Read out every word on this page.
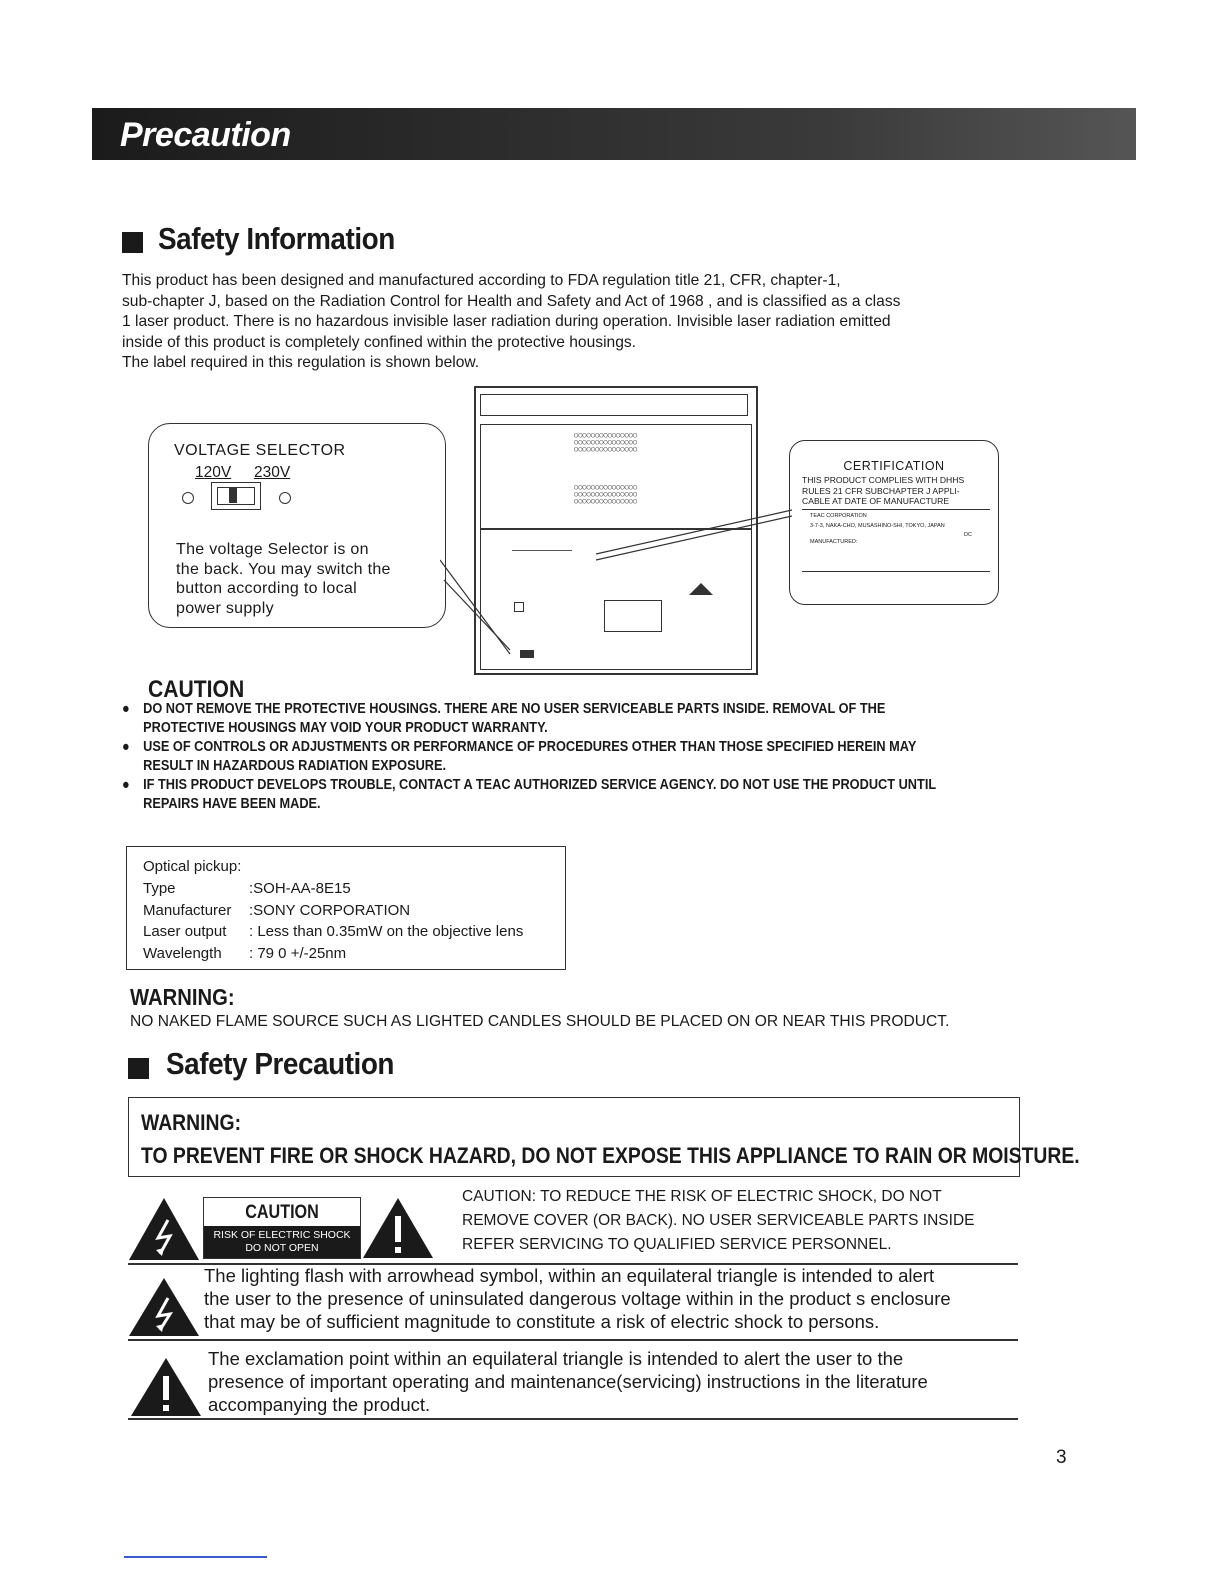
Precaution
Safety Information
This product has been designed and manufactured according to FDA regulation title 21, CFR, chapter-1,
sub-chapter J, based on the Radiation Control for Health and Safety and Act of 1968 , and is classified as a class
1 laser product. There is no hazardous invisible laser radiation during operation. Invisible laser radiation emitted
inside of this product is completely confined within the protective housings.
The label required in this regulation is shown below.
VOLTAGE SELECTOR
120V 230V
The voltage Selector is on
the back. You may switch the
button according to local
power supply
○○○○○○○○○○○○○○○
○○○○○○○○○○○○○○○
○○○○○○○○○○○○○○○
○○○○○○○○○○○○○○○
○○○○○○○○○○○○○○○
○○○○○○○○○○○○○○○
CERTIFICATION
THIS PRODUCT COMPLIES WITH DHHS
RULES 21 CFR SUBCHAPTER J APPLI-
CABLE AT DATE OF MANUFACTURE
TEAC CORPORATION
3-7-3, NAKA-CHO, MUSASHINO-SHI, TOKYO, JAPAN
DC
MANUFACTURED:
CAUTION
● DO NOT REMOVE THE PROTECTIVE HOUSINGS. THERE ARE NO USER SERVICEABLE PARTS INSIDE. REMOVAL OF THE
PROTECTIVE HOUSINGS MAY VOID YOUR PRODUCT WARRANTY.
● USE OF CONTROLS OR ADJUSTMENTS OR PERFORMANCE OF PROCEDURES OTHER THAN THOSE SPECIFIED HEREIN MAY
RESULT IN HAZARDOUS RADIATION EXPOSURE.
● IF THIS PRODUCT DEVELOPS TROUBLE, CONTACT A TEAC AUTHORIZED SERVICE AGENCY. DO NOT USE THE PRODUCT UNTIL
REPAIRS HAVE BEEN MADE.
Optical pickup:
Type	:SOH-AA-8E15
Manufacturer	:SONY CORPORATION
Laser output	: Less than 0.35mW on the objective lens
Wavelength	: 79 0 +/-25nm
WARNING:
NO NAKED FLAME SOURCE SUCH AS LIGHTED CANDLES SHOULD BE PLACED ON OR NEAR THIS PRODUCT.
Safety Precaution
WARNING:
TO PREVENT FIRE OR SHOCK HAZARD, DO NOT EXPOSE THIS APPLIANCE TO RAIN OR MOISTURE.
CAUTION
RISK OF ELECTRIC SHOCK
DO NOT OPEN
CAUTION: TO REDUCE THE RISK OF ELECTRIC SHOCK, DO NOT
REMOVE COVER (OR BACK). NO USER SERVICEABLE PARTS INSIDE
REFER SERVICING TO QUALIFIED SERVICE PERSONNEL.
The lighting flash with arrowhead symbol, within an equilateral triangle is intended to alert
the user to the presence of uninsulated dangerous voltage within in the product s enclosure
that may be of sufficient magnitude to constitute a risk of electric shock to persons.
The exclamation point within an equilateral triangle is intended to alert the user to the
presence of important operating and maintenance(servicing) instructions in the literature
accompanying the product.
3
